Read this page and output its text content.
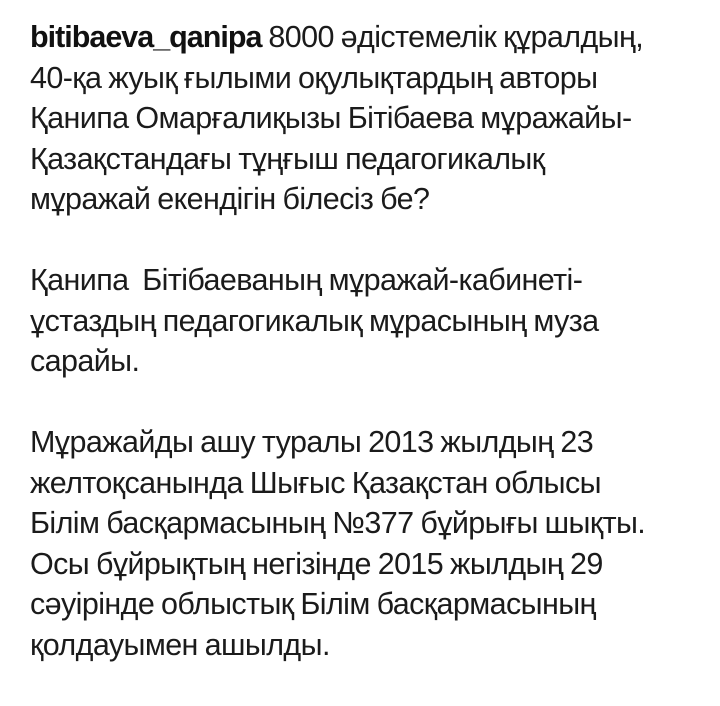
bitibaeva_qanipa 8000 әдістемелік құралдың,
40-қа жуық ғылыми оқулықтардың авторы
Қанипа Омарғалиқызы Бітібаева мұражайы-
Қазақстандағы тұңғыш педагогикалық
мұражай екендігін білесіз бе?
Қанипа  Бітібаеваның мұражай-кабинеті-
ұстаздың педагогикалық мұрасының муза
сарайы.
Мұражайды ашу туралы 2013 жылдың 23
желтоқсанында Шығыс Қазақстан облысы
Білім басқармасының №377 бұйрығы шықты.
Осы бұйрықтың негізінде 2015 жылдың 29
сәуірінде облыстық Білім басқармасының
қолдауымен ашылды.
